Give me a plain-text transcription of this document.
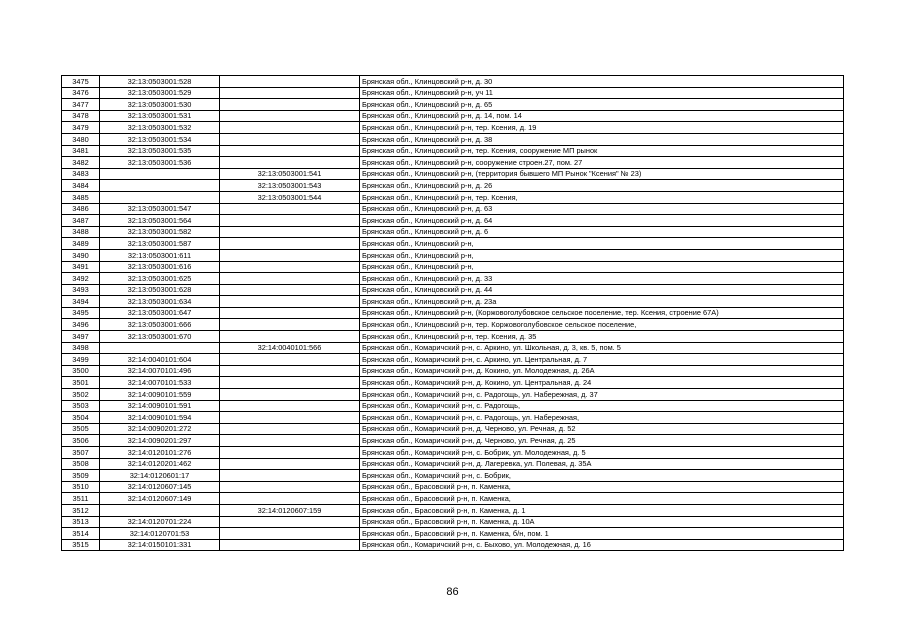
3475	32:13:0503001:528		Брянская обл., Клинцовский р-н, д. 30
3476	32:13:0503001:529		Брянская обл., Клинцовский р-н, уч 11
3477	32:13:0503001:530		Брянская обл., Клинцовский р-н, д. 65
3478	32:13:0503001:531		Брянская обл., Клинцовский р-н, д. 14, пом. 14
3479	32:13:0503001:532		Брянская обл., Клинцовский р-н, тер. Ксения, д. 19
3480	32:13:0503001:534		Брянская обл., Клинцовский р-н, д. 38
3481	32:13:0503001:535		Брянская обл., Клинцовский р-н, тер. Ксения, сооружение МП рынок
3482	32:13:0503001:536		Брянская обл., Клинцовский р-н, сооружение строен.27, пом. 27
3483		32:13:0503001:541	Брянская обл., Клинцовский р-н, (территория бывшего МП Рынок "Ксения" № 23)
3484		32:13:0503001:543	Брянская обл., Клинцовский р-н, д. 26
3485		32:13:0503001:544	Брянская обл., Клинцовский р-н, тер. Ксения,
3486	32:13:0503001:547		Брянская обл., Клинцовский р-н, д. 63
3487	32:13:0503001:564		Брянская обл., Клинцовский р-н, д. 64
3488	32:13:0503001:582		Брянская обл., Клинцовский р-н, д. 6
3489	32:13:0503001:587		Брянская обл., Клинцовский р-н,
3490	32:13:0503001:611		Брянская обл., Клинцовский р-н,
3491	32:13:0503001:616		Брянская обл., Клинцовский р-н,
3492	32:13:0503001:625		Брянская обл., Клинцовский р-н, д. 33
3493	32:13:0503001:628		Брянская обл., Клинцовский р-н, д. 44
3494	32:13:0503001:634		Брянская обл., Клинцовский р-н, д. 23а
3495	32:13:0503001:647		Брянская обл., Клинцовский р-н, (Коржовоголубовское сельское поселение, тер. Ксения, строение 67А)
3496	32:13:0503001:666		Брянская обл., Клинцовский р-н, тер. Коржовоголубовское сельское поселение,
3497	32:13:0503001:670		Брянская обл., Клинцовский р-н, тер. Ксения, д. 35
3498		32:14:0040101:566	Брянская обл., Комаричский р-н, с. Аркино, ул. Школьная, д. 3, кв. 5, пом. 5
3499	32:14:0040101:604		Брянская обл., Комаричский р-н, с. Аркино, ул. Центральная, д. 7
3500	32:14:0070101:496		Брянская обл., Комаричский р-н, д. Кокино, ул. Молодежная, д. 26А
3501	32:14:0070101:533		Брянская обл., Комаричский р-н, д. Кокино, ул. Центральная, д. 24
3502	32:14:0090101:559		Брянская обл., Комаричский р-н, с. Радогощь, ул. Набережная, д. 37
3503	32:14:0090101:591		Брянская обл., Комаричский р-н, с. Радогощь,
3504	32:14:0090101:594		Брянская обл., Комаричский р-н, с. Радогощь, ул. Набережная,
3505	32:14:0090201:272		Брянская обл., Комаричский р-н, д. Черново, ул. Речная, д. 52
3506	32:14:0090201:297		Брянская обл., Комаричский р-н, д. Черново, ул. Речная, д. 25
3507	32:14:0120101:276		Брянская обл., Комаричский р-н, с. Бобрик, ул. Молодежная, д. 5
3508	32:14:0120201:462		Брянская обл., Комаричский р-н, д. Лагеревка, ул. Полевая, д. 35А
3509	32:14:0120601:17		Брянская обл., Комаричский р-н, с. Бобрик,
3510	32:14:0120607:145		Брянская обл., Брасовский р-н, п. Каменка,
3511	32:14:0120607:149		Брянская обл., Брасовский р-н, п. Каменка,
3512		32:14:0120607:159	Брянская обл., Брасовский р-н, п. Каменка, д. 1
3513	32:14:0120701:224		Брянская обл., Брасовский р-н, п. Каменка, д. 10А
3514	32:14:0120701:53		Брянская обл., Брасовский р-н, п. Каменка, б/н, пом. 1
3515	32:14:0150101:331		Брянская обл., Комаричский р-н, с. Быхово, ул. Молодежная, д. 16
86
